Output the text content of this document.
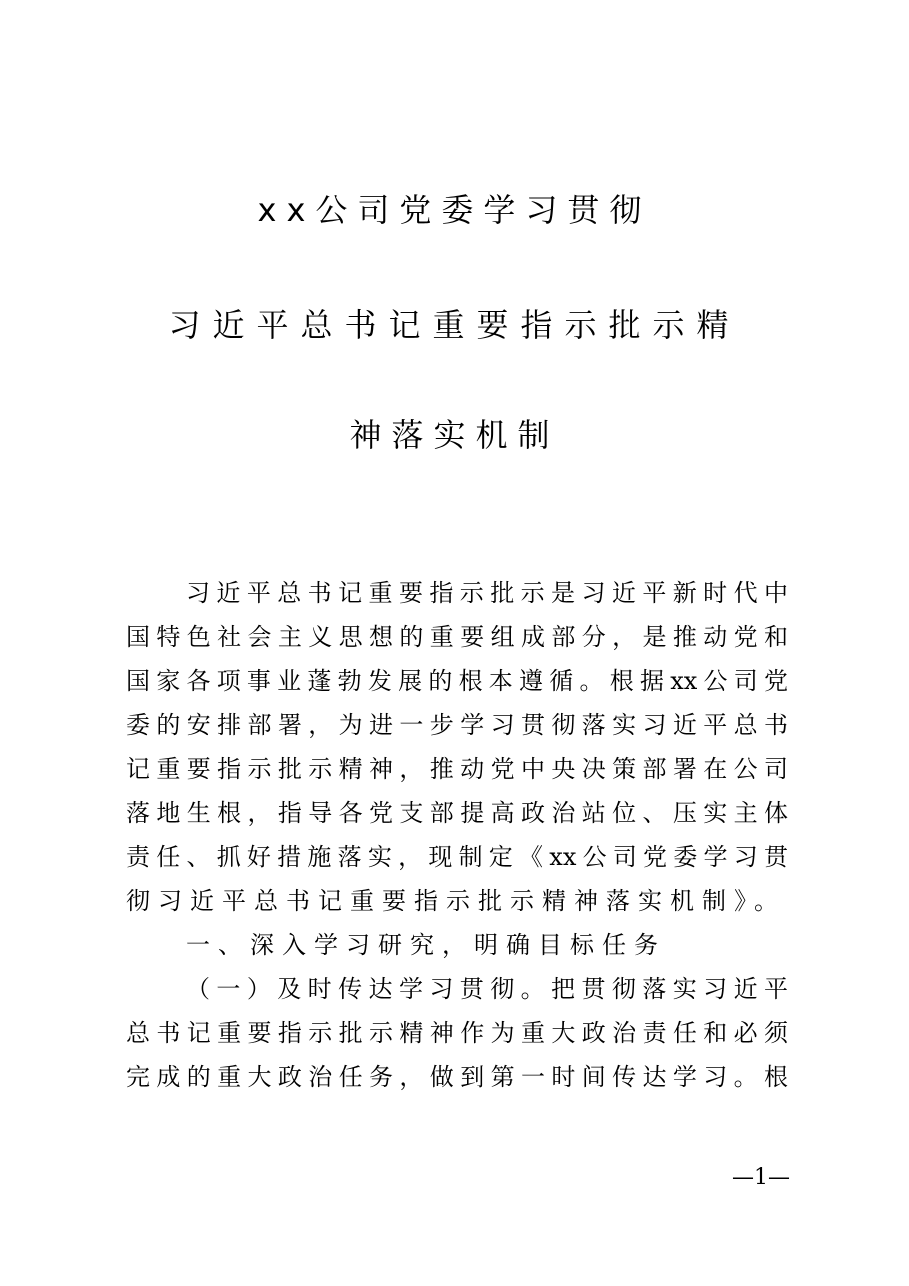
xx公司党委学习贯彻
习近平总书记重要指示批示精
神落实机制
习近平总书记重要指示批示是习近平新时代中
国特色社会主义思想的重要组成部分，是推动党和
国家各项事业蓬勃发展的根本遵循。根据xx公司党
委的安排部署，为进一步学习贯彻落实习近平总书
记重要指示批示精神，推动党中央决策部署在公司
落地生根，指导各党支部提高政治站位、压实主体
责任、抓好措施落实，现制定《xx公司党委学习贯
彻习近平总书记重要指示批示精神落实机制》。
一、深入学习研究，明确目标任务
（一）及时传达学习贯彻。把贯彻落实习近平
总书记重要指示批示精神作为重大政治责任和必须
完成的重大政治任务，做到第一时间传达学习。根
—1—
